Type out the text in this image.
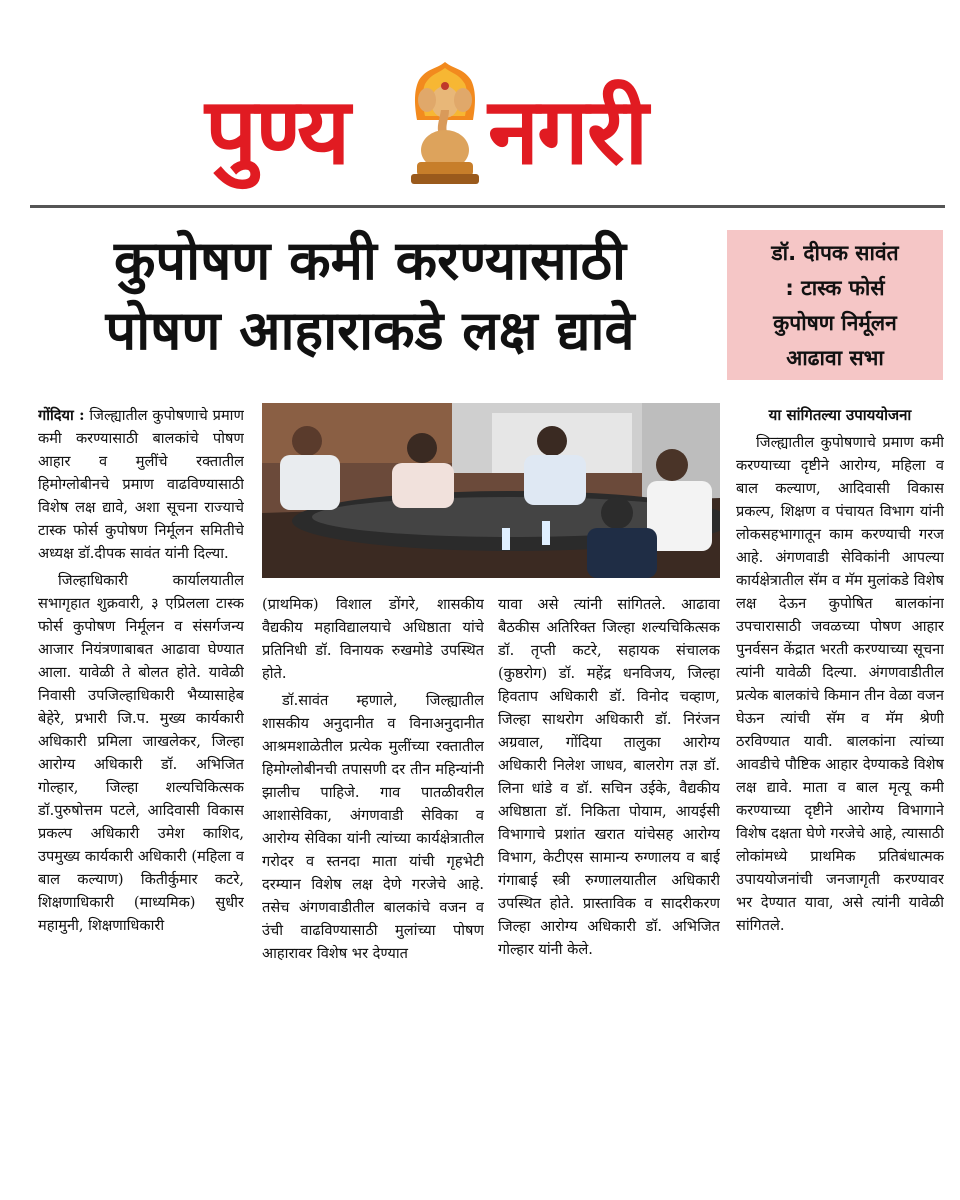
पुण्य नगरी
कुपोषण कमी करण्यासाठी
पोषण आहाराकडे लक्ष द्यावे
डॉ. दीपक सावंत
: टास्क फोर्स
कुपोषण निर्मूलन
आढावा सभा

गोंदिया : जिल्ह्यातील कुपोषणाचे प्रमाण कमी करण्यासाठी बालकांचे पोषण आहार व मुलींचे रक्तातील हिमोग्लोबीनचे प्रमाण वाढविण्यासाठी विशेष लक्ष द्यावे, अशा सूचना राज्याचे टास्क फोर्स कुपोषण निर्मूलन समितीचे अध्यक्ष डॉ.दीपक सावंत यांनी दिल्या.

जिल्हाधिकारी कार्यालयातील सभागृहात शुक्रवारी, ३ एप्रिलला टास्क फोर्स कुपोषण निर्मूलन व संसर्गजन्य आजार नियंत्रणाबाबत आढावा घेण्यात आला. यावेळी ते बोलत होते. यावेळी निवासी उपजिल्हाधिकारी भैय्यासाहेब बेहेरे, प्रभारी जि.प. मुख्य कार्यकारी अधिकारी प्रमिला जाखलेकर, जिल्हा आरोग्य अधिकारी डॉ. अभिजित गोल्हार, जिल्हा शल्यचिकित्सक डॉ.पुरुषोत्तम पटले, आदिवासी विकास प्रकल्प अधिकारी उमेश काशिद, उपमुख्य कार्यकारी अधिकारी (महिला व बाल कल्याण) कितीर्कुमार कटरे, शिक्षणाधिकारी (माध्यमिक) सुधीर महामुनी, शिक्षणाधिकारी

(प्राथमिक) विशाल डोंगरे, शासकीय वैद्यकीय महाविद्यालयाचे अधिष्ठाता यांचे प्रतिनिधी डॉ. विनायक रुखमोडे उपस्थित होते.

डॉ.सावंत म्हणाले, जिल्ह्यातील शासकीय अनुदानीत व विनाअनुदानीत आश्रमशाळेतील प्रत्येक मुलींच्या रक्तातील हिमोग्लोबीनची तपासणी दर तीन महिन्यांनी झालीच पाहिजे. गाव पातळीवरील आशासेविका, अंगणवाडी सेविका व आरोग्य सेविका यांनी त्यांच्या कार्यक्षेत्रातील गरोदर व स्तनदा माता यांची गृहभेटी दरम्यान विशेष लक्ष देणे गरजेचे आहे. तसेच अंगणवाडीतील बालकांचे वजन व उंची वाढविण्यासाठी मुलांच्या पोषण आहारावर विशेष भर देण्यात

यावा असे त्यांनी सांगितले. आढावा बैठकीस अतिरिक्त जिल्हा शल्यचिकित्सक डॉ. तृप्ती कटरे, सहायक संचालक (कुष्ठरोग) डॉ. महेंद्र धनविजय, जिल्हा हिवताप अधिकारी डॉ. विनोद चव्हाण, जिल्हा साथरोग अधिकारी डॉ. निरंजन अग्रवाल, गोंदिया तालुका आरोग्य अधिकारी निलेश जाधव, बालरोग तज्ञ डॉ. लिना धांडे व डॉ. सचिन उईके, वैद्यकीय अधिष्ठाता डॉ. निकिता पोयाम, आयईसी विभागाचे प्रशांत खरात यांचेसह आरोग्य विभाग, केटीएस सामान्य रुग्णालय व बाई गंगाबाई स्त्री रुग्णालयातील अधिकारी उपस्थित होते. प्रास्ताविक व सादरीकरण जिल्हा आरोग्य अधिकारी डॉ. अभिजित गोल्हार यांनी केले.

या सांगितल्या उपाययोजना

जिल्ह्यातील कुपोषणाचे प्रमाण कमी करण्याच्या दृष्टीने आरोग्य, महिला व बाल कल्याण, आदिवासी विकास प्रकल्प, शिक्षण व पंचायत विभाग यांनी लोकसहभागातून काम करण्याची गरज आहे. अंगणवाडी सेविकांनी आपल्या कार्यक्षेत्रातील सॅम व मॅम मुलांकडे विशेष लक्ष देऊन कुपोषित बालकांना उपचारासाठी जवळच्या पोषण आहार पुनर्वसन केंद्रात भरती करण्याच्या सूचना त्यांनी यावेळी दिल्या. अंगणवाडीतील प्रत्येक बालकांचे किमान तीन वेळा वजन घेऊन त्यांची सॅम व मॅम श्रेणी ठरविण्यात यावी. बालकांना त्यांच्या आवडीचे पौष्टिक आहार देण्याकडे विशेष लक्ष द्यावे. माता व बाल मृत्यू कमी करण्याच्या दृष्टीने आरोग्य विभागाने विशेष दक्षता घेणे गरजेचे आहे, त्यासाठी लोकांमध्ये प्राथमिक प्रतिबंधात्मक उपाययोजनांची जनजागृती करण्यावर भर देण्यात यावा, असे त्यांनी यावेळी सांगितले.
